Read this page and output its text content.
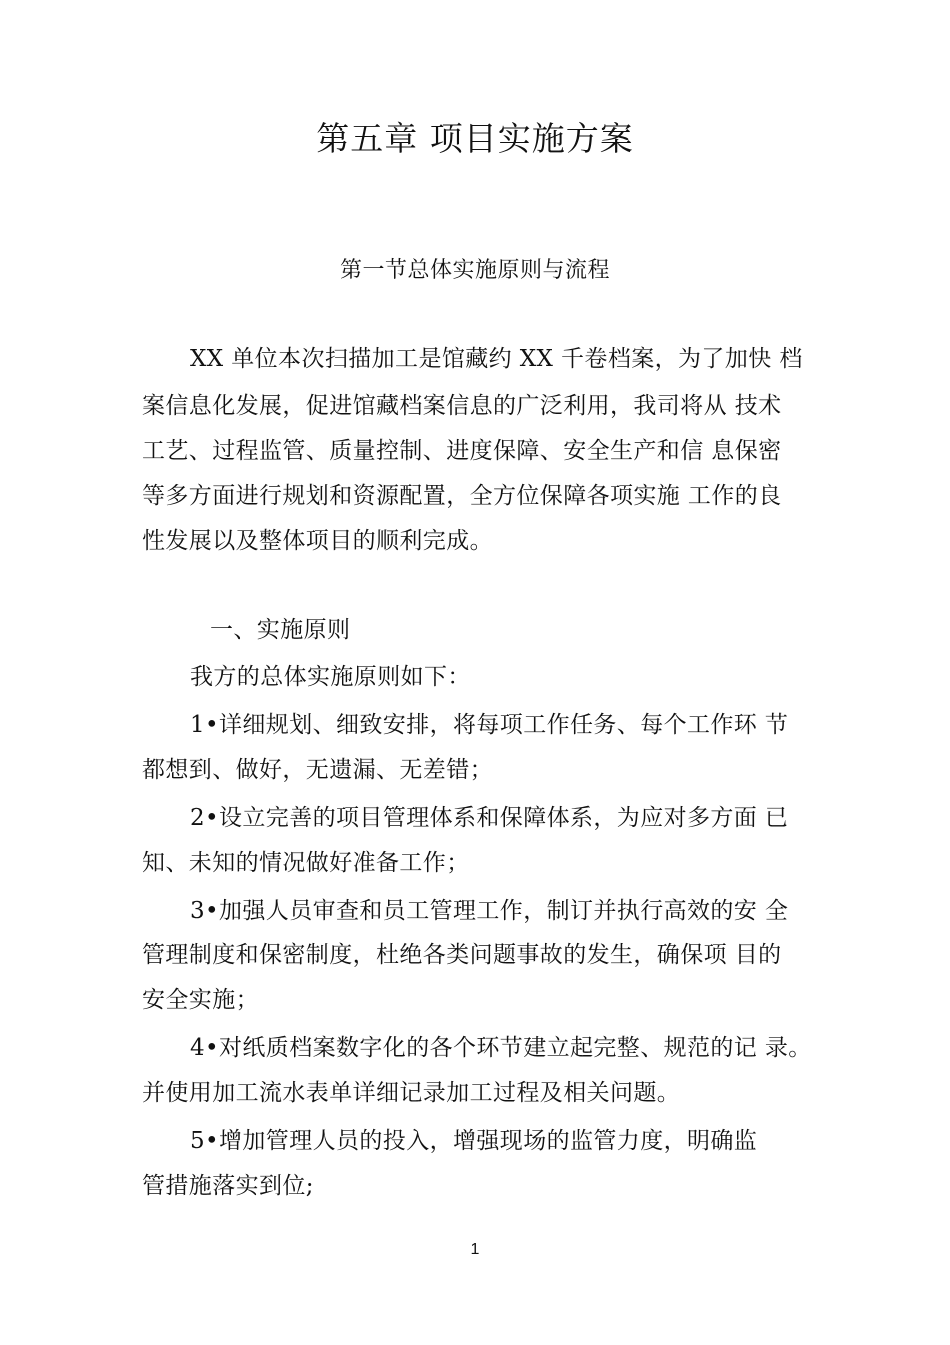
第五章 项目实施方案
第一节总体实施原则与流程
XX 单位本次扫描加工是馆藏约 XX 千卷档案，为了加快 档
案信息化发展，促进馆藏档案信息的广泛利用，我司将从 技术
工艺、过程监管、质量控制、进度保障、安全生产和信 息保密
等多方面进行规划和资源配置，全方位保障各项实施 工作的良
性发展以及整体项目的顺利完成。
一、实施原则
我方的总体实施原则如下：
1•详细规划、细致安排，将每项工作任务、每个工作环 节
都想到、做好，无遗漏、无差错；
2•设立完善的项目管理体系和保障体系，为应对多方面 已
知、未知的情况做好准备工作；
3•加强人员审查和员工管理工作，制订并执行高效的安 全
管理制度和保密制度，杜绝各类问题事故的发生，确保项 目的
安全实施；
4•对纸质档案数字化的各个环节建立起完整、规范的记 录。
并使用加工流水表单详细记录加工过程及相关问题。
5•增加管理人员的投入，增强现场的监管力度，明确监
管措施落实到位;
1
